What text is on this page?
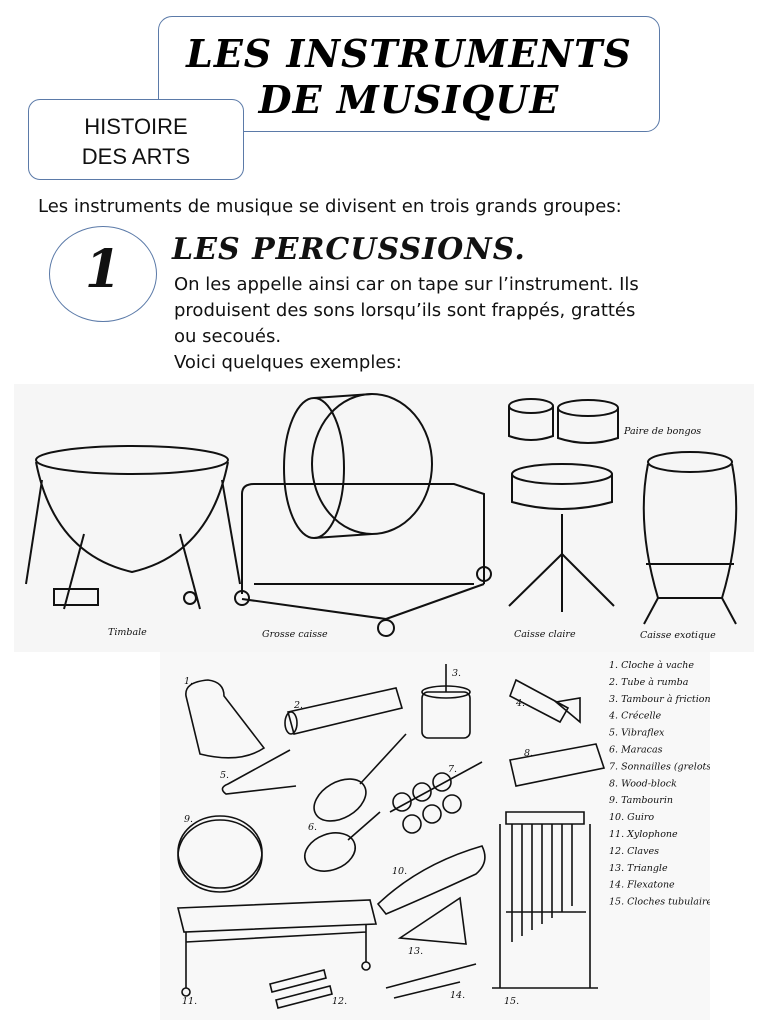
LES INSTRUMENTS
DE MUSIQUE
HISTOIRE
DES ARTS
Les instruments de musique se divisent en trois grands groupes:
1	LES PERCUSSIONS.

On les appelle ainsi car on tape sur l’instrument. Ils

produisent des sons lorsqu’ils sont frappés, grattés

ou secoués.

Voici quelques exemples:

Timbale	Grosse caisse	Caisse claire	Caisse exotique
Paire de bongos
1. Cloche à vache
2. Tube à rumba
3. Tambour à friction
4. Crécelle
5. Vibraflex
6. Maracas
7. Sonnailles (grelots)
8. Wood-block
9. Tambourin
10. Guiro
11. Xylophone
12. Claves
13. Triangle
14. Flexatone
15. Cloches tubulaires
1.
2.
3.
4.
5.
6.
7.
8.
9.
10.
11.	12.
13.
14.
15.
